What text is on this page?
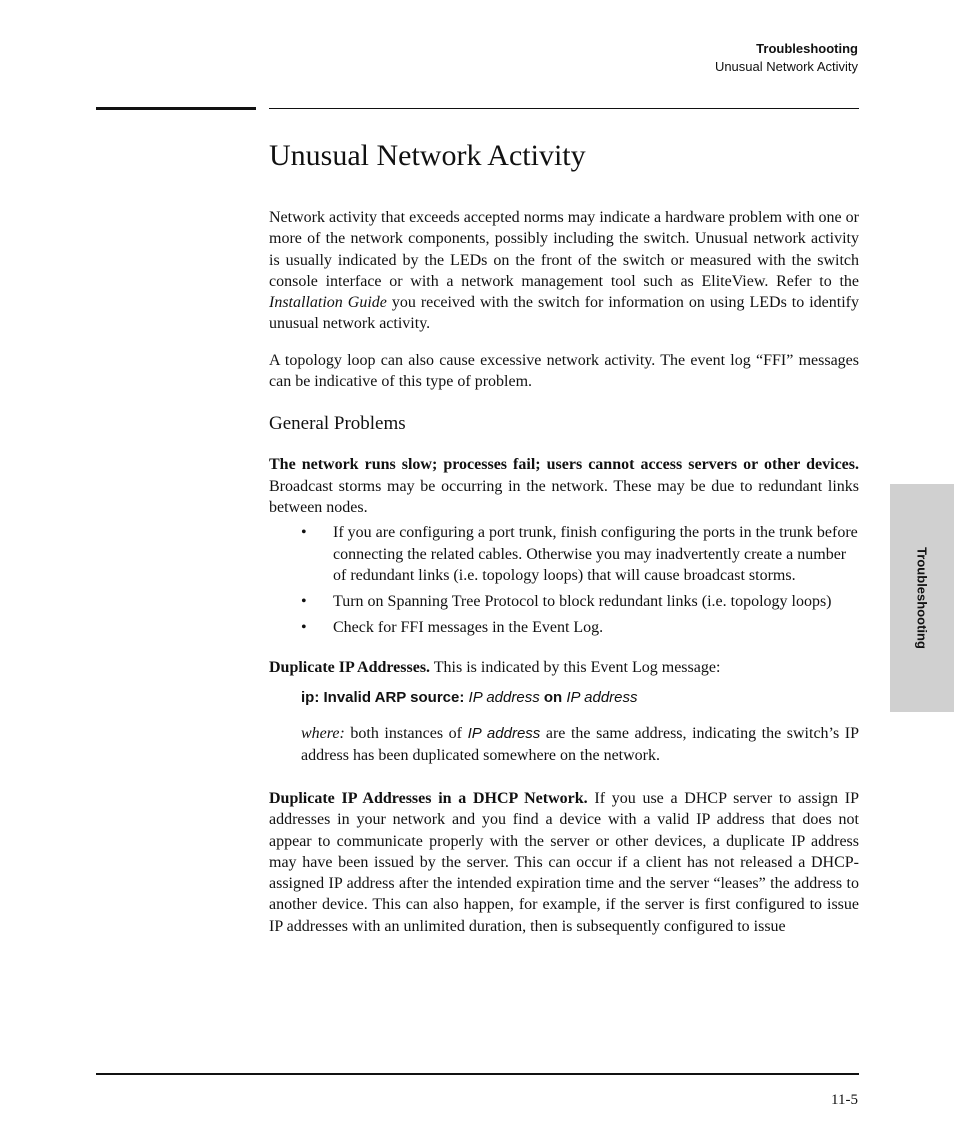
Troubleshooting
Unusual Network Activity
Unusual Network Activity

Network activity that exceeds accepted norms may indicate a hardware problem with one or more of the network components, possibly including the switch. Unusual network activity is usually indicated by the LEDs on the front of the switch or measured with the switch console interface or with a network management tool such as EliteView. Refer to the Installation Guide you received with the switch for information on using LEDs to identify unusual network activity.

A topology loop can also cause excessive network activity. The event log “FFI” messages can be indicative of this type of problem.

General Problems

The network runs slow; processes fail; users cannot access servers or other devices. Broadcast storms may be occurring in the network. These may be due to redundant links between nodes.

• If you are configuring a port trunk, finish configuring the ports in the trunk before connecting the related cables. Otherwise you may inadvertently create a number of redundant links (i.e. topology loops) that will cause broadcast storms.
• Turn on Spanning Tree Protocol to block redundant links (i.e. topology loops)
• Check for FFI messages in the Event Log.

Duplicate IP Addresses. This is indicated by this Event Log message:

ip: Invalid ARP source: IP address on IP address

where: both instances of IP address are the same address, indicating the switch’s IP address has been duplicated somewhere on the network.

Duplicate IP Addresses in a DHCP Network. If you use a DHCP server to assign IP addresses in your network and you find a device with a valid IP address that does not appear to communicate properly with the server or other devices, a duplicate IP address may have been issued by the server. This can occur if a client has not released a DHCP-assigned IP address after the intended expiration time and the server “leases” the address to another device. This can also happen, for example, if the server is first configured to issue IP addresses with an unlimited duration, then is subsequently configured to issue

Troubleshooting
11-5
